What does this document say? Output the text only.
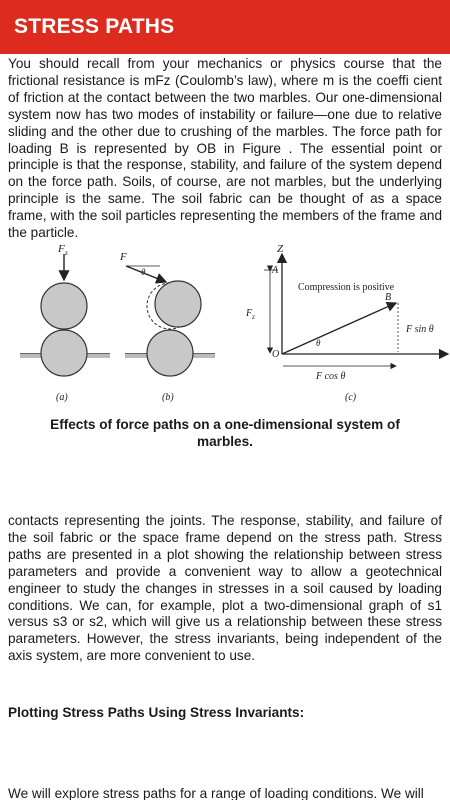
STRESS PATHS

You should recall from your mechanics or physics course that the frictional resistance is mFz (Coulomb’s law), where m is the coeffi cient of friction at the contact between the two marbles. Our one-dimensional system now has two modes of instability or failure—one due to relative sliding and the other due to crushing of the marbles. The force path for loading B is represented by OB in Figure . The essential point or principle is that the response, stability, and failure of the system depend on the force path. Soils, of course, are not marbles, but the underlying principle is the same. The soil fabric can be thought of as a space frame, with the soil particles representing the members of the frame and the particle.

F z
(a)
F
θ
(b)
Z
A
O
F z
Compression is positive
B
θ
F sin θ
F cos θ
(c)

Effects of force paths on a one-dimensional system of marbles.

contacts representing the joints. The response, stability, and failure of the soil fabric or the space frame depend on the stress path. Stress paths are presented in a plot showing the relationship between stress parameters and provide a convenient way to allow a geotechnical engineer to study the changes in stresses in a soil caused by loading conditions. We can, for example, plot a two-dimensional graph of s1 versus s3 or s2, which will give us a relationship between these stress parameters. However, the stress invariants, being independent of the axis system, are more convenient to use.

Plotting Stress Paths Using Stress Invariants:

We will explore stress paths for a range of loading conditions. We will
